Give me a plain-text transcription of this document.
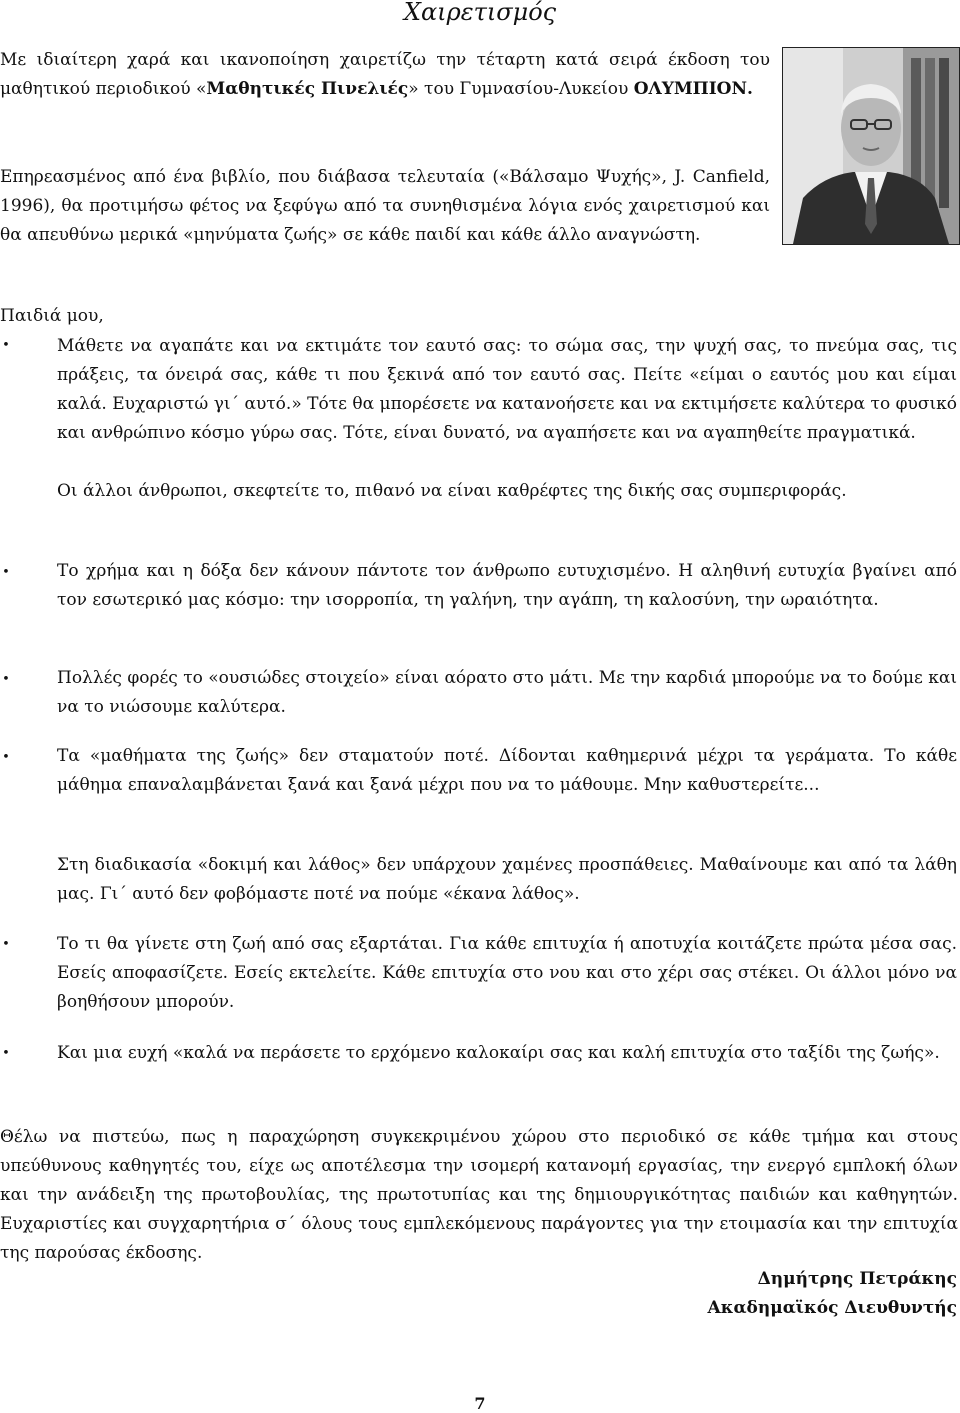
Χαιρετισμός

Με ιδιαίτερη χαρά και ικανοποίηση χαιρετίζω την τέταρτη κατά σειρά έκδοση του μαθητικού περιοδικού «Μαθητικές Πινελιές» του Γυμνασίου-Λυκείου ΟΛΥΜΠΙΟΝ.

Επηρεασμένος από ένα βιβλίο, που διάβασα τελευταία («Βάλσαμο Ψυχής», J. Canfield, 1996), θα προτιμήσω φέτος να ξεφύγω από τα συνηθισμένα λόγια ενός χαιρετισμού και θα απευθύνω μερικά «μηνύματα ζωής» σε κάθε παιδί και κάθε άλλο αναγνώστη.

Παιδιά μου,

•	Μάθετε να αγαπάτε και να εκτιμάτε τον εαυτό σας: το σώμα σας, την ψυχή σας, το πνεύμα σας, τις πράξεις, τα όνειρά σας, κάθε τι που ξεκινά από τον εαυτό σας. Πείτε «είμαι ο εαυτός μου και είμαι καλά. Ευχαριστώ γι΄ αυτό.» Τότε θα μπορέσετε να κατανοήσετε και να εκτιμήσετε καλύτερα το φυσικό και ανθρώπινο κόσμο γύρω σας. Τότε, είναι δυνατό, να αγαπήσετε και να αγαπηθείτε πραγματικά.

Οι άλλοι άνθρωποι, σκεφτείτε το, πιθανό να είναι καθρέφτες της δικής σας συμπεριφοράς.

•	Το χρήμα και η δόξα δεν κάνουν πάντοτε τον άνθρωπο ευτυχισμένο. Η αληθινή ευτυχία βγαίνει από τον εσωτερικό μας κόσμο: την ισορροπία, τη γαλήνη, την αγάπη, τη καλοσύνη, την ωραιότητα.

•	Πολλές φορές το «ουσιώδες στοιχείο» είναι αόρατο στο μάτι. Με την καρδιά μπορούμε να το δούμε και να το νιώσουμε καλύτερα.

•	Τα «μαθήματα της ζωής» δεν σταματούν ποτέ. Δίδονται καθημερινά μέχρι τα γεράματα. Το κάθε μάθημα επαναλαμβάνεται ξανά και ξανά μέχρι που να το μάθουμε. Μην καθυστερείτε...

Στη διαδικασία «δοκιμή και λάθος» δεν υπάρχουν χαμένες προσπάθειες. Μαθαίνουμε και από τα λάθη μας. Γι΄ αυτό δεν φοβόμαστε ποτέ να πούμε «έκανα λάθος».

•	Το τι θα γίνετε στη ζωή από σας εξαρτάται. Για κάθε επιτυχία ή αποτυχία κοιτάζετε πρώτα μέσα σας. Εσείς αποφασίζετε. Εσείς εκτελείτε. Κάθε επιτυχία στο νου και στο χέρι σας στέκει. Οι άλλοι μόνο να βοηθήσουν μπορούν.

•	Και μια ευχή «καλά να περάσετε το ερχόμενο καλοκαίρι σας και καλή επιτυχία στο ταξίδι της ζωής».

Θέλω να πιστεύω, πως η παραχώρηση συγκεκριμένου χώρου στο περιοδικό σε κάθε τμήμα και στους υπεύθυνους καθηγητές του, είχε ως αποτέλεσμα την ισομερή κατανομή εργασίας, την ενεργό εμπλοκή όλων και την ανάδειξη της πρωτοβουλίας, της πρωτοτυπίας και της δημιουργικότητας παιδιών και καθηγητών. Ευχαριστίες και συγχαρητήρια σ΄ όλους τους εμπλεκόμενους παράγοντες για την ετοιμασία και την επιτυχία της παρούσας έκδοσης.

Δημήτρης Πετράκης
Ακαδημαϊκός Διευθυντής
7
